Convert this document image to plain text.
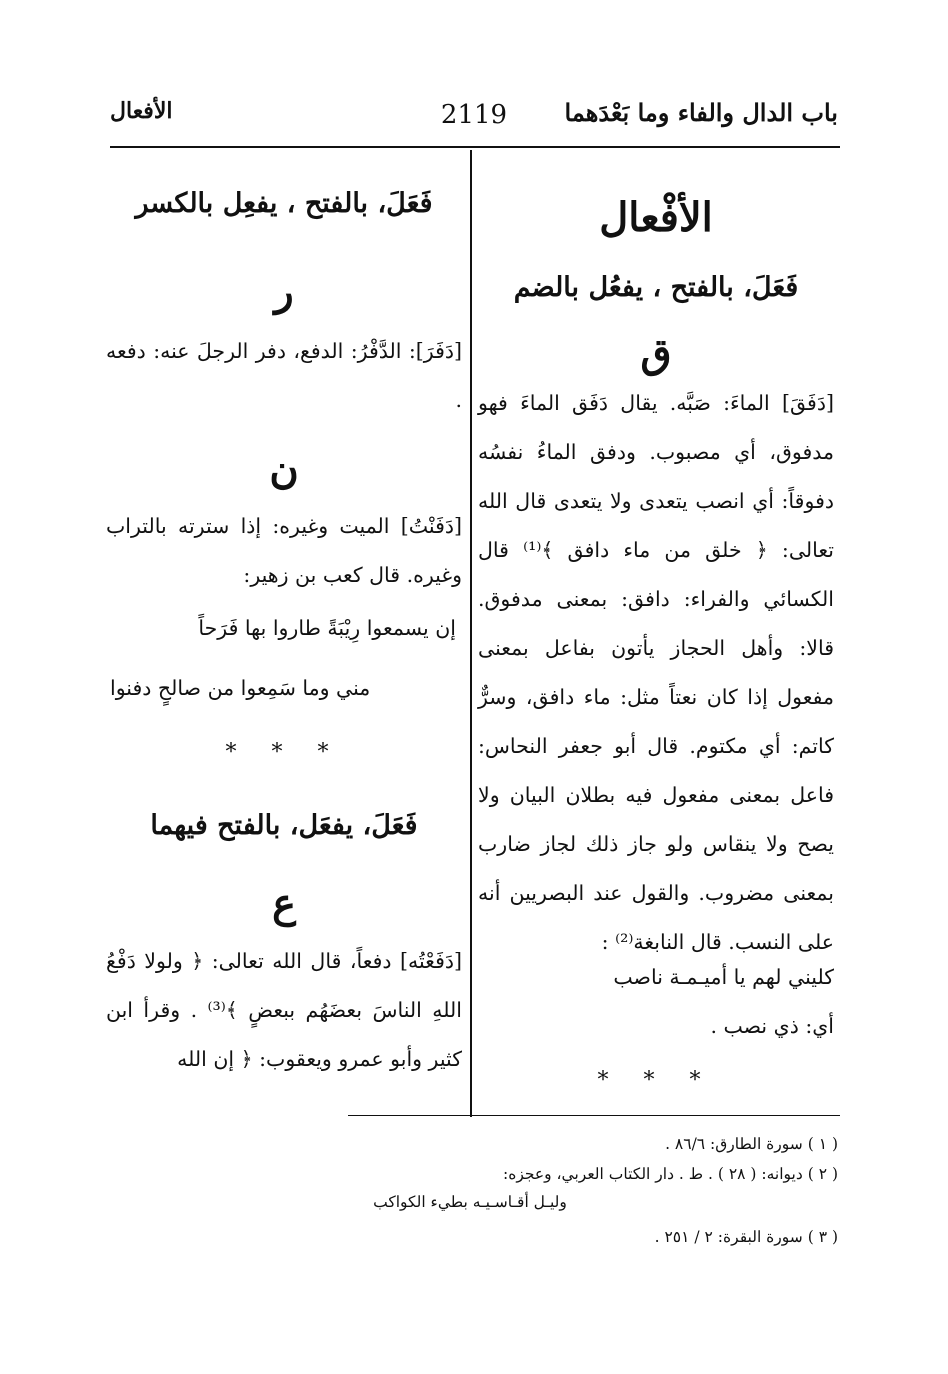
باب الدال والفاء وما بَعْدَهما
2119
الأفعال
الأفْعال
فَعَلَ، بالفتح ، يفعُل بالضم
ق
[دَفَقَ] الماءَ: صَبَّه. يقال دَفَق الماءَ فهو مدفوق، أي مصبوب. ودفق الماءُ نفسُه دفوقاً: أي انصب يتعدى ولا يتعدى قال الله تعالى: ﴿ خلق من ماء دافق ﴾⁽¹⁾ قال الكسائي والفراء: دافق: بمعنى مدفوق. قالا: وأهل الحجاز يأتون بفاعل بمعنى مفعول إذا كان نعتاً مثل: ماء دافق، وسرٌّ كاتم: أي مكتوم. قال أبو جعفر النحاس: فاعل بمعنى مفعول فيه بطلان البيان ولا يصح ولا ينقاس ولو جاز ذلك لجاز ضارب بمعنى مضروب. والقول عند البصريين أنه على النسب. قال النابغة⁽²⁾ :
كليني لهم يا أميـمـة ناصب
أي: ذي نصب .
* * *
فَعَلَ، بالفتح ، يفعِل بالكسر
ر
[دَفَرَ]: الدَّفْرُ: الدفع، دفر الرجلَ عنه: دفعه .
ن
[دَفَنْتُ] الميت وغيره: إذا سترته بالتراب وغيره. قال كعب بن زهير:
إن يسمعوا رِيْبَةً طاروا بها فَرَحاً
مني وما سَمِعوا من صالحٍ دفنوا
* * *
فَعَلَ، يفعَل، بالفتح فيهما
ع
[دَفَعْتُه] دفعاً، قال الله تعالى: ﴿ ولولا دَفْعُ اللهِ الناسَ بعضَهُم ببعضٍ ﴾⁽³⁾ . وقرأ ابن كثير وأبو عمرو ويعقوب: ﴿ إن الله
( ١ ) سورة الطارق: ٨٦/٦ .
( ٢ ) ديوانه: ( ٢٨ ) . ط . دار الكتاب العربي، وعجزه:
وليـل أقـاسـيـه بطيء الكواكب
( ٣ ) سورة البقرة: ٢ / ٢٥١ .
